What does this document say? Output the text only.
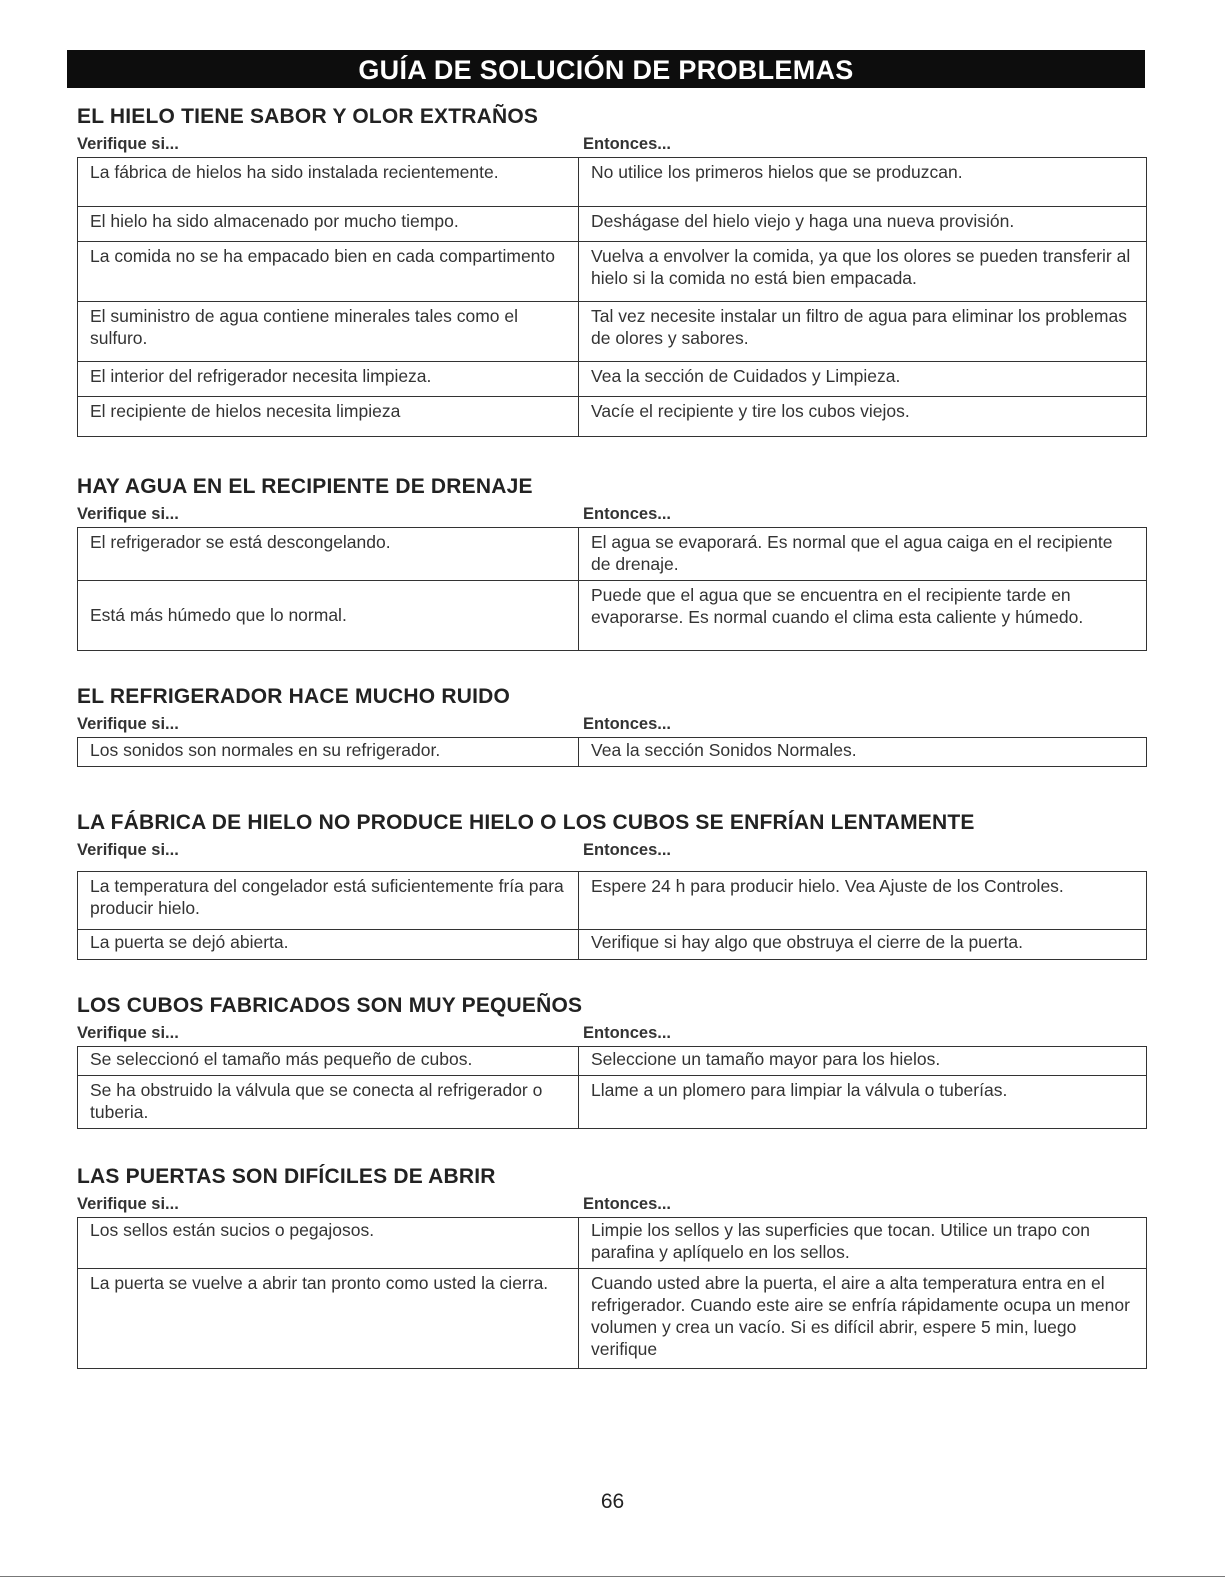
GUÍA DE SOLUCIÓN DE PROBLEMAS
EL HIELO TIENE SABOR Y OLOR EXTRAÑOS
Verifique si...	Entonces...
La fábrica de hielos ha sido instalada recientemente.	No utilice los primeros hielos que se produzcan.
El hielo ha sido almacenado por mucho tiempo.	Deshágase del hielo viejo y haga una nueva provisión.
La comida no se ha empacado bien en cada compartimento	Vuelva a envolver la comida, ya que los olores se pueden transferir al hielo si la comida no está bien empacada.
El suministro de agua contiene minerales tales como el sulfuro.	Tal vez necesite instalar un filtro de agua para eliminar los problemas de olores y sabores.
El interior del refrigerador necesita limpieza.	Vea la sección de Cuidados y Limpieza.
El recipiente de hielos necesita limpieza	Vacíe el recipiente y tire los cubos viejos.
HAY AGUA EN EL RECIPIENTE DE DRENAJE
Verifique si...	Entonces...
El refrigerador se está descongelando.	El agua se evaporará. Es normal que el agua caiga en el recipiente de drenaje.
Está más húmedo que lo normal.	Puede que el agua que se encuentra en el recipiente tarde en evaporarse. Es normal cuando el clima esta caliente y húmedo.
EL REFRIGERADOR HACE MUCHO RUIDO
Verifique si...	Entonces...
Los sonidos son normales en su refrigerador.	Vea la sección Sonidos Normales.
LA FÁBRICA DE HIELO NO PRODUCE HIELO O LOS CUBOS SE ENFRÍAN LENTAMENTE
Verifique si...	Entonces...
La temperatura del congelador está suficientemente fría para producir hielo.	Espere 24 h para producir hielo. Vea Ajuste de los Controles.
La puerta se dejó abierta.	Verifique si hay algo que obstruya el cierre de la puerta.
LOS CUBOS FABRICADOS SON MUY PEQUEÑOS
Verifique si...	Entonces...
Se seleccionó el tamaño más pequeño de cubos.	Seleccione un tamaño mayor para los hielos.
Se ha obstruido la válvula que se conecta al refrigerador o tuberia.	Llame a un plomero para limpiar la válvula o tuberías.
LAS PUERTAS SON DIFÍCILES DE ABRIR
Verifique si...	Entonces...
Los sellos están sucios o pegajosos.	Limpie los sellos y las superficies que tocan. Utilice un trapo con parafina y aplíquelo en los sellos.
La puerta se vuelve a abrir tan pronto como usted la cierra.	Cuando usted abre la puerta, el aire a alta temperatura entra en el refrigerador. Cuando este aire se enfría rápidamente ocupa un menor volumen y crea un vacío. Si es difícil abrir, espere 5 min, luego verifique
66
